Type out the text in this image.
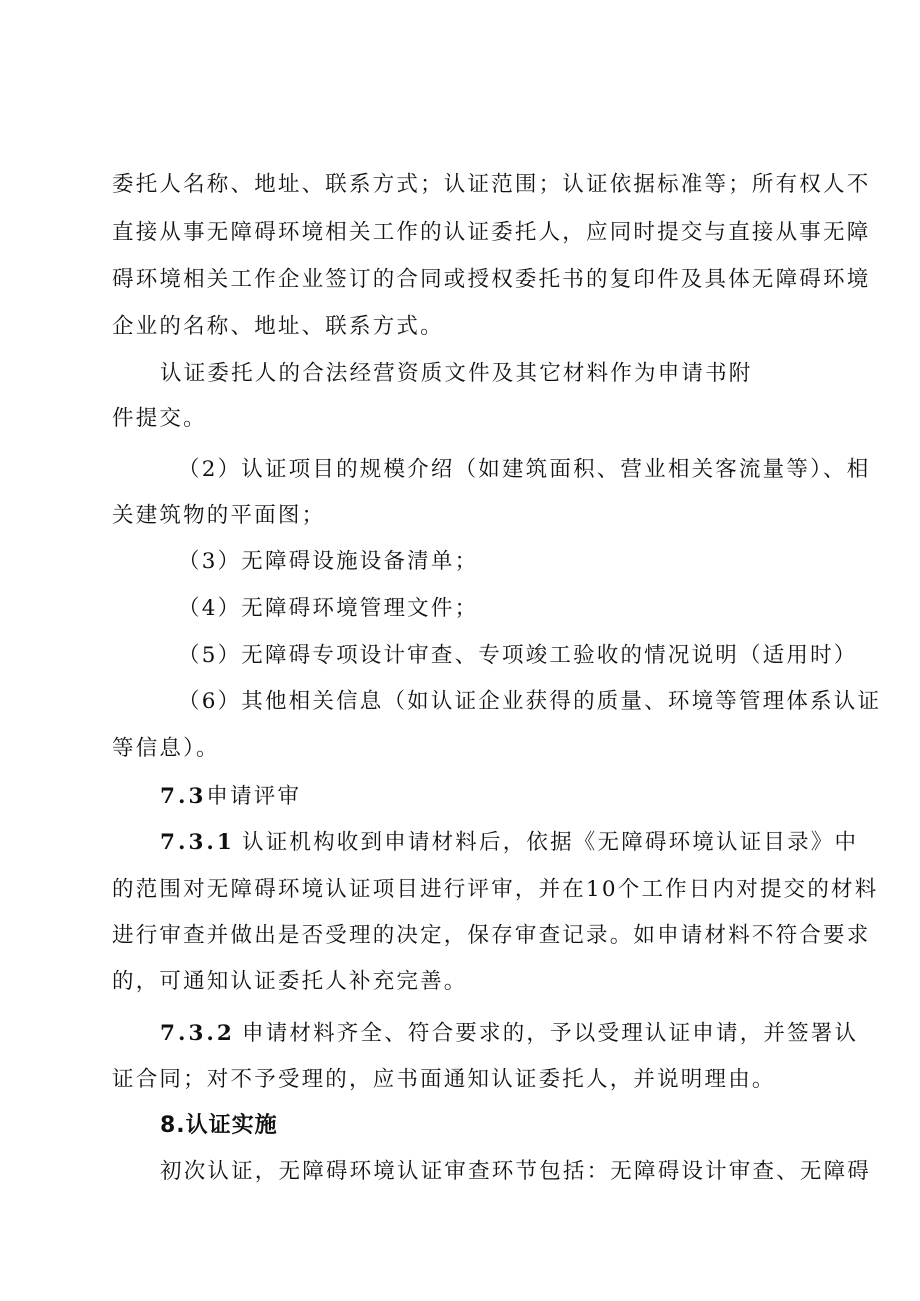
委托人名称、地址、联系方式；认证范围；认证依据标准等；所有权人不
直接从事无障碍环境相关工作的认证委托人，应同时提交与直接从事无障
碍环境相关工作企业签订的合同或授权委托书的复印件及具体无障碍环境
企业的名称、地址、联系方式。
认证委托人的合法经营资质文件及其它材料作为申请书附
件提交。
（2）认证项目的规模介绍（如建筑面积、营业相关客流量等）、相
关建筑物的平面图；
（3）无障碍设施设备清单；
（4）无障碍环境管理文件；
（5）无障碍专项设计审查、专项竣工验收的情况说明（适用时）
（6）其他相关信息（如认证企业获得的质量、环境等管理体系认证
等信息）。
7.3申请评审
7.3.1 认证机构收到申请材料后，依据《无障碍环境认证目录》中
的范围对无障碍环境认证项目进行评审，并在10个工作日内对提交的材料
进行审查并做出是否受理的决定，保存审查记录。如申请材料不符合要求
的，可通知认证委托人补充完善。
7.3.2 申请材料齐全、符合要求的，予以受理认证申请，并签署认
证合同；对不予受理的，应书面通知认证委托人，并说明理由。
8.认证实施
初次认证，无障碍环境认证审查环节包括：无障碍设计审查、无障碍
